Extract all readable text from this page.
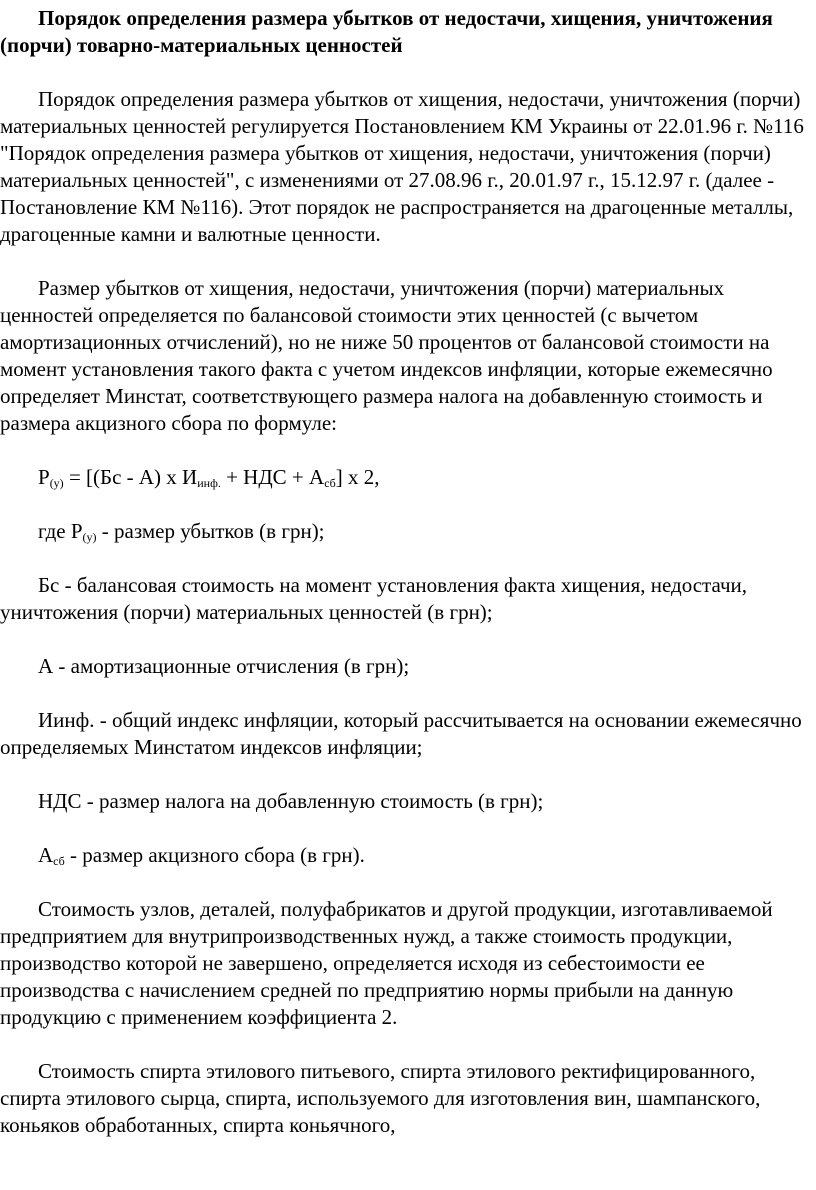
Порядок определения размера убытков от недостачи, хищения, уничтожения (порчи) товарно-материальных ценностей

Порядок определения размера убытков от хищения, недостачи, уничтожения (порчи) материальных ценностей регулируется Постановлением КМ Украины от 22.01.96 г. №116 "Порядок определения размера убытков от хищения, недостачи, уничтожения (порчи) материальных ценностей", с изменениями от 27.08.96 г., 20.01.97 г., 15.12.97 г. (далее - Постановление КМ №116). Этот порядок не распространяется на драгоценные металлы, драгоценные камни и валютные ценности.

Размер убытков от хищения, недостачи, уничтожения (порчи) материальных ценностей определяется по балансовой стоимости этих ценностей (с вычетом амортизационных отчислений), но не ниже 50 процентов от балансовой стоимости на момент установления такого факта с учетом индексов инфляции, которые ежемесячно определяет Минстат, соответствующего размера налога на добавленную стоимость и размера акцизного сбора по формуле:

$Р_{(у)} = [(Бс - А)$ х $И_{инф.}$ + НДС + $А_{сб}$] х 2,

где $Р_{(у)}$ - размер убытков (в грн);

Бс - балансовая стоимость на момент установления факта хищения, недостачи, уничтожения (порчи) материальных ценностей (в грн);

А - амортизационные отчисления (в грн);

Иинф. - общий индекс инфляции, который рассчитывается на основании ежемесячно определяемых Минстатом индексов инфляции;

НДС - размер налога на добавленную стоимость (в грн);

$А_{сб}$ - размер акцизного сбора (в грн).

Стоимость узлов, деталей, полуфабрикатов и другой продукции, изготавливаемой предприятием для внутрипроизводственных нужд, а также стоимость продукции, производство которой не завершено, определяется исходя из себестоимости ее производства с начислением средней по предприятию нормы прибыли на данную продукцию с применением коэффициента 2.

Стоимость спирта этилового питьевого, спирта этилового ректифицированного, спирта этилового сырца, спирта, используемого для изготовления вин, шампанского, коньяков обработанных, спирта коньячного,
